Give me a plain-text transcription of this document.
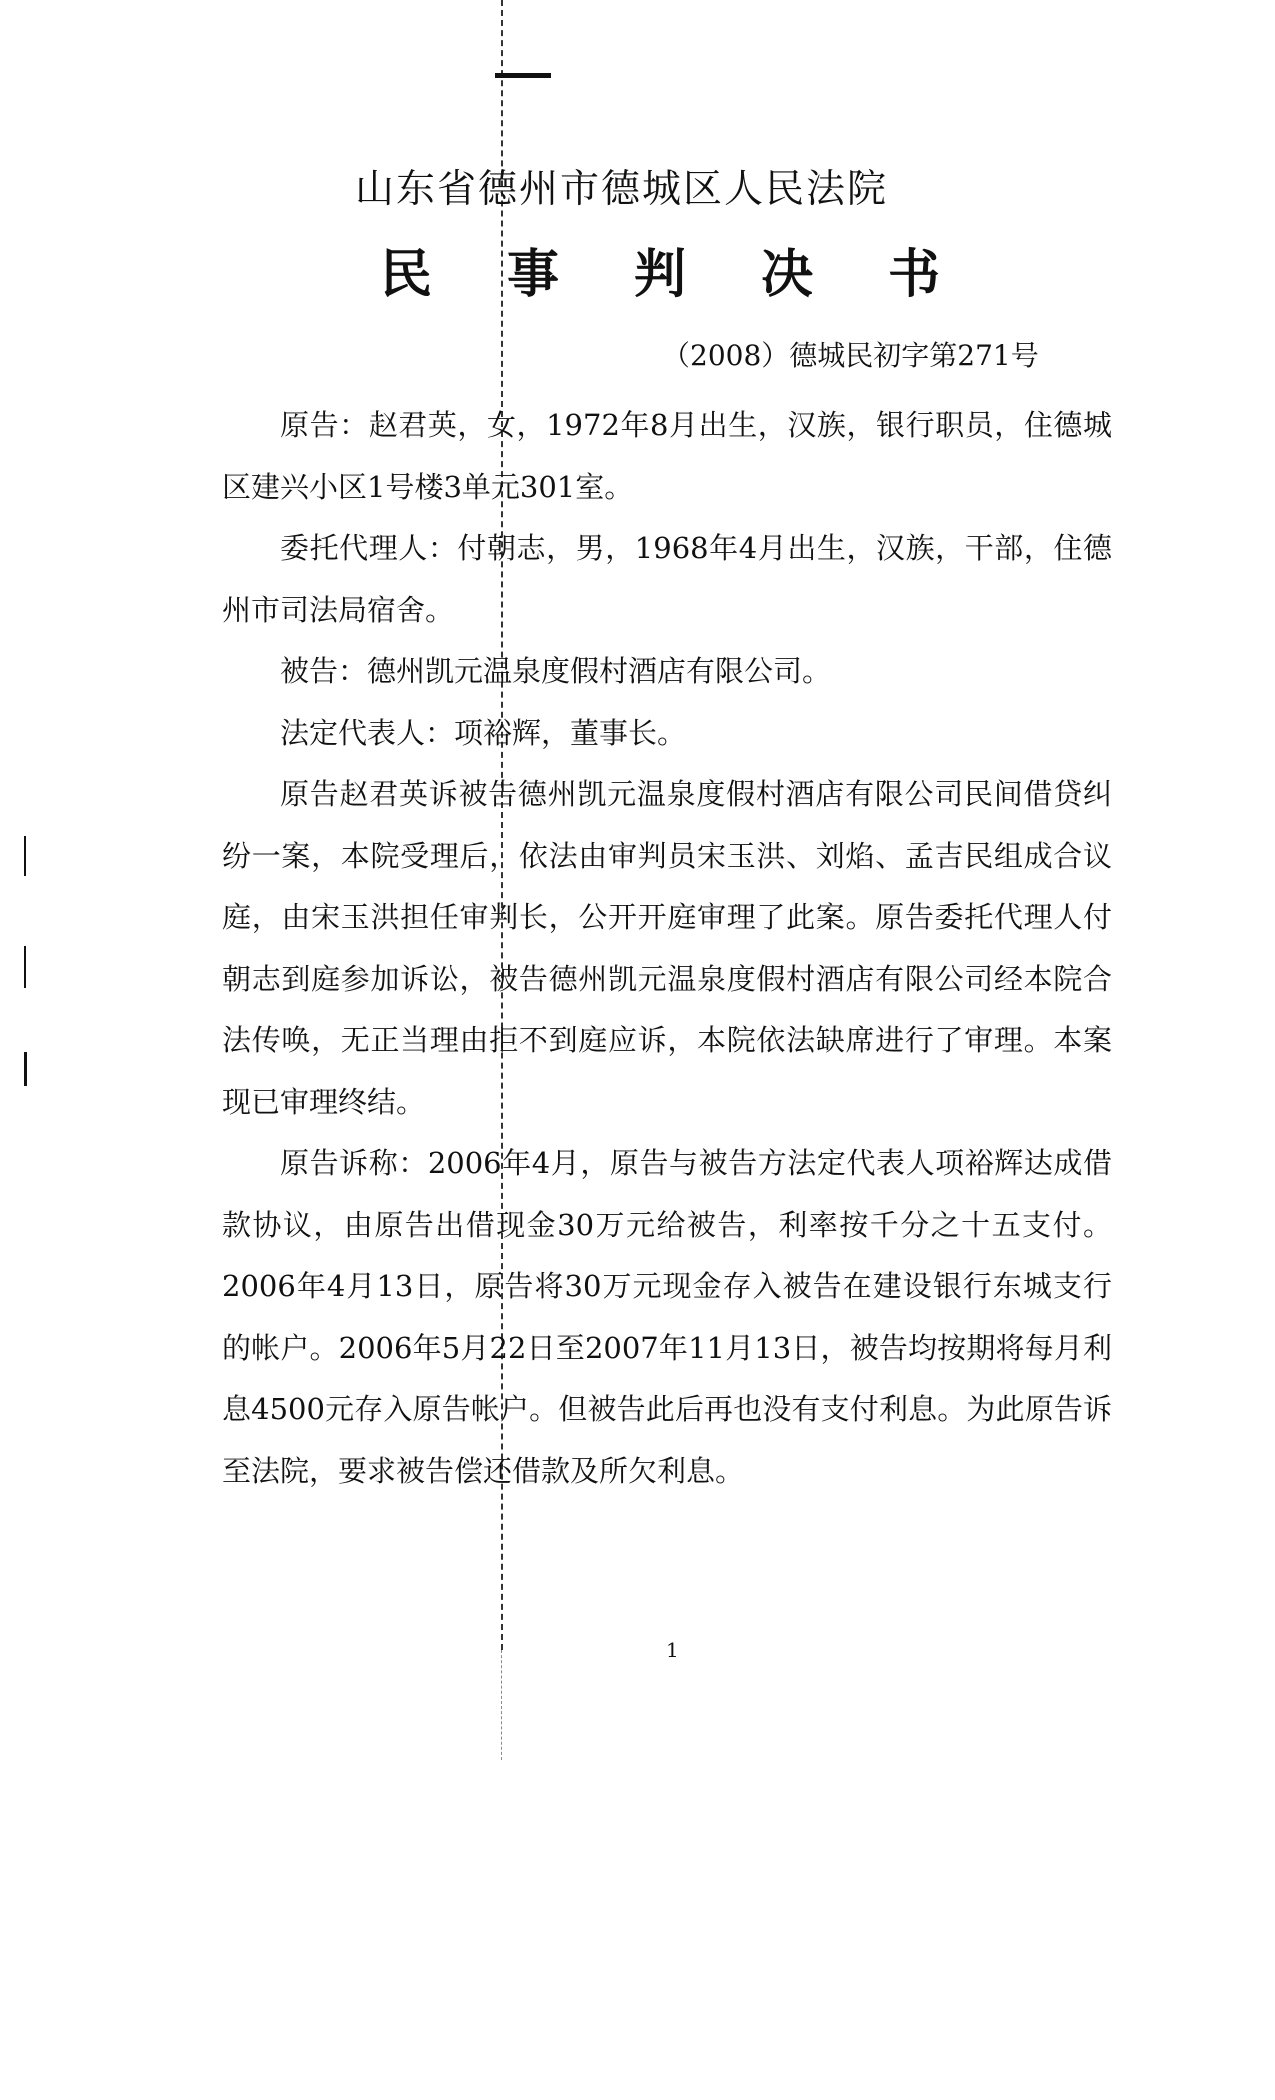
山东省德州市德城区人民法院
民 事 判 决 书
（2008）德城民初字第271号

原告：赵君英，女，1972年8月出生，汉族，银行职员，住德城区建兴小区1号楼3单元301室。

委托代理人：付朝志，男，1968年4月出生，汉族，干部，住德州市司法局宿舍。

被告：德州凯元温泉度假村酒店有限公司。

法定代表人：项裕辉，董事长。

原告赵君英诉被告德州凯元温泉度假村酒店有限公司民间借贷纠纷一案，本院受理后，依法由审判员宋玉洪、刘焰、孟吉民组成合议庭，由宋玉洪担任审判长，公开开庭审理了此案。原告委托代理人付朝志到庭参加诉讼，被告德州凯元温泉度假村酒店有限公司经本院合法传唤，无正当理由拒不到庭应诉，本院依法缺席进行了审理。本案现已审理终结。

原告诉称：2006年4月，原告与被告方法定代表人项裕辉达成借款协议，由原告出借现金30万元给被告，利率按千分之十五支付。2006年4月13日，原告将30万元现金存入被告在建设银行东城支行的帐户。2006年5月22日至2007年11月13日，被告均按期将每月利息4500元存入原告帐户。但被告此后再也没有支付利息。为此原告诉至法院，要求被告偿还借款及所欠利息。

1
